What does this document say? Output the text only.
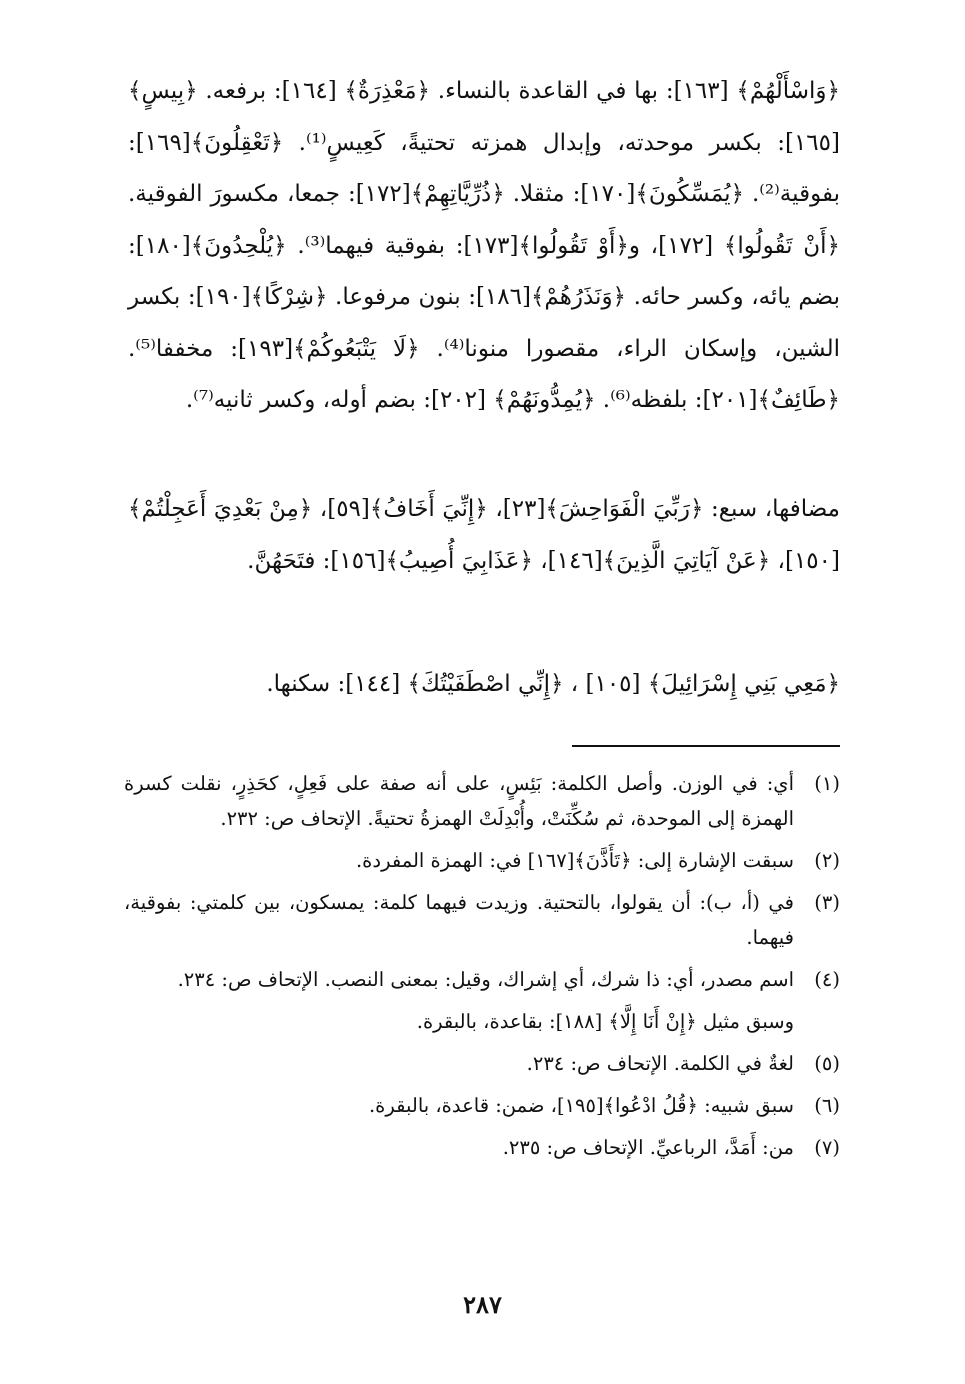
﴿وَاسْأَلْهُمْ﴾ [١٦٣]: بها في القاعدة بالنساء. ﴿مَعْذِرَةٌ﴾ [١٦٤]: برفعه. ﴿بِيسٍ﴾[١٦٥]: بكسر موحدته، وإبدال همزته تحتيةً، كَعِيسٍ⁽¹⁾. ﴿تَعْقِلُونَ﴾[١٦٩]: بفوقية⁽²⁾. ﴿يُمَسِّكُونَ﴾[١٧٠]: مثقلا. ﴿ذُرِّيَّاتِهِمْ﴾[١٧٢]: جمعا، مكسورَ الفوقية. ﴿أَنْ تَقُولُوا﴾ [١٧٢]، و﴿أَوْ تَقُولُوا﴾[١٧٣]: بفوقية فيهما⁽³⁾. ﴿يُلْحِدُونَ﴾[١٨٠]: بضم يائه، وكسر حائه. ﴿وَنَذَرُهُمْ﴾[١٨٦]: بنون مرفوعا. ﴿شِرْكًا﴾[١٩٠]: بكسر الشين، وإسكان الراء، مقصورا منونا⁽⁴⁾. ﴿لَا يَتْبَعُوكُمْ﴾[١٩٣]: مخففا⁽⁵⁾. ﴿طَائِفٌ﴾[٢٠١]: بلفظه⁽⁶⁾. ﴿يُمِدُّونَهُمْ﴾ [٢٠٢]: بضم أوله، وكسر ثانيه⁽⁷⁾.

مضافها، سبع: ﴿رَبِّيَ الْفَوَاحِشَ﴾[٢٣]، ﴿إِنِّيَ أَخَافُ﴾[٥٩]، ﴿مِنْ بَعْدِيَ أَعَجِلْتُمْ﴾[١٥٠]، ﴿عَنْ آيَاتِيَ الَّذِينَ﴾[١٤٦]، ﴿عَذَابِيَ أُصِيبُ﴾[١٥٦]: فتَحَهُنَّ.

﴿مَعِي بَنِي إِسْرَائِيلَ﴾ [١٠٥] ، ﴿إِنِّي اصْطَفَيْتُكَ﴾ [١٤٤]: سكنها.

(١)
أي: في الوزن. وأصل الكلمة: بَئِسٍ، على أنه صفة على فَعِلٍ، كحَذِرٍ، نقلت كسرة الهمزة إلى الموحدة، ثم سُكِّنَتْ، وأُبْدِلَتْ الهمزةُ تحتيةً. الإتحاف ص: ٢٣٢.
(٢)
سبقت الإشارة إلى: ﴿تَأَذَّنَ﴾[١٦٧] في: الهمزة المفردة.
(٣)
في (أ، ب): أن يقولوا، بالتحتية. وزيدت فيهما كلمة: يمسكون، بين كلمتي: بفوقية، فيهما.
(٤)
اسم مصدر، أي: ذا شرك، أي إشراك، وقيل: بمعنى النصب. الإتحاف ص: ٢٣٤.
وسبق مثيل ﴿إِنْ أَنَا إِلَّا﴾ [١٨٨]: بقاعدة، بالبقرة.
(٥)
لغةٌ في الكلمة. الإتحاف ص: ٢٣٤.
(٦)
سبق شبيه: ﴿قُلُ ادْعُوا﴾[١٩٥]، ضمن: قاعدة، بالبقرة.
(٧)
من: أَمَدَّ، الرباعيِّ. الإتحاف ص: ٢٣٥.
٢٨٧
